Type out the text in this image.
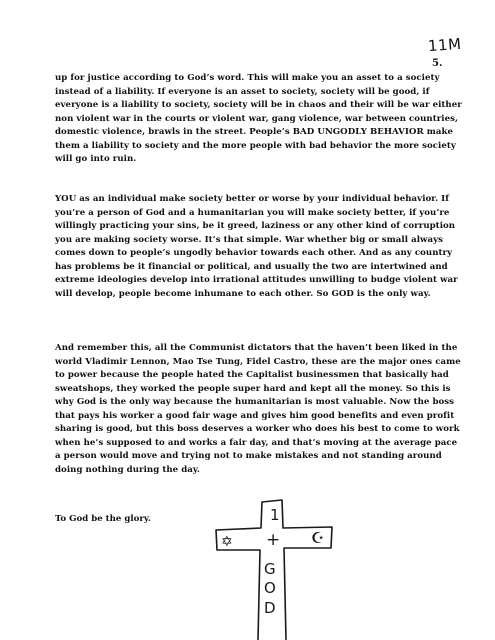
11M
5.

up for justice according to God’s word. This will make you an asset to a society instead of a liability. If everyone is an asset to society, society will be good, if everyone is a liability to society, society will be in chaos and their will be war either non violent war in the courts or violent war, gang violence, war between countries, domestic violence, brawls in the street. People’s BAD UNGODLY BEHAVIOR make them a liability to society and the more people with bad behavior the more society will go into ruin.

YOU as an individual make society better or worse by your individual behavior. If you’re a person of God and a humanitarian you will make society better, if you’re willingly practicing your sins, be it greed, laziness or any other kind of corruption you are making society worse. It’s that simple. War whether big or small always comes down to people’s ungodly behavior towards each other. And as any country has problems be it financial or political, and usually the two are intertwined and extreme ideologies develop into irrational attitudes unwilling to budge violent war will develop, people become inhumane to each other. So GOD is the only way.

And remember this, all the Communist dictators that the haven’t been liked in the world Vladimir Lennon, Mao Tse Tung, Fidel Castro, these are the major ones came to power because the people hated the Capitalist businessmen that basically had sweatshops, they worked the people super hard and kept all the money. So this is why God is the only way because the humanitarian is most valuable. Now the boss that pays his worker a good fair wage and gives him good benefits and even profit sharing is good, but this boss deserves a worker who does his best to come to work when he’s supposed to and works a fair day, and that’s moving at the average pace a person would move and trying not to make mistakes and not standing around doing nothing during the day.

To God be the glory.	1
+
✡	☪
G
O
D
